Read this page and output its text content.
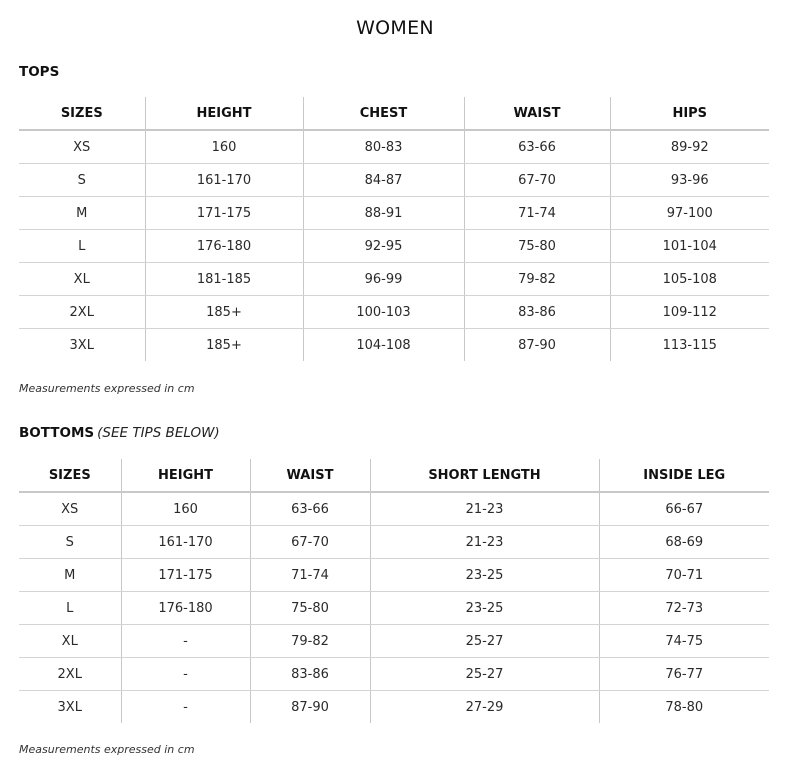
WOMEN
TOPS
SIZES	HEIGHT	CHEST	WAIST	HIPS
XS	160	80-83	63-66	89-92
S	161-170	84-87	67-70	93-96
M	171-175	88-91	71-74	97-100
L	176-180	92-95	75-80	101-104
XL	181-185	96-99	79-82	105-108
2XL	185+	100-103	83-86	109-112
3XL	185+	104-108	87-90	113-115
Measurements expressed in cm
BOTTOMS (SEE TIPS BELOW)
SIZES	HEIGHT	WAIST	SHORT LENGTH	INSIDE LEG
XS	160	63-66	21-23	66-67
S	161-170	67-70	21-23	68-69
M	171-175	71-74	23-25	70-71
L	176-180	75-80	23-25	72-73
XL	-	79-82	25-27	74-75
2XL	-	83-86	25-27	76-77
3XL	-	87-90	27-29	78-80
Measurements expressed in cm
